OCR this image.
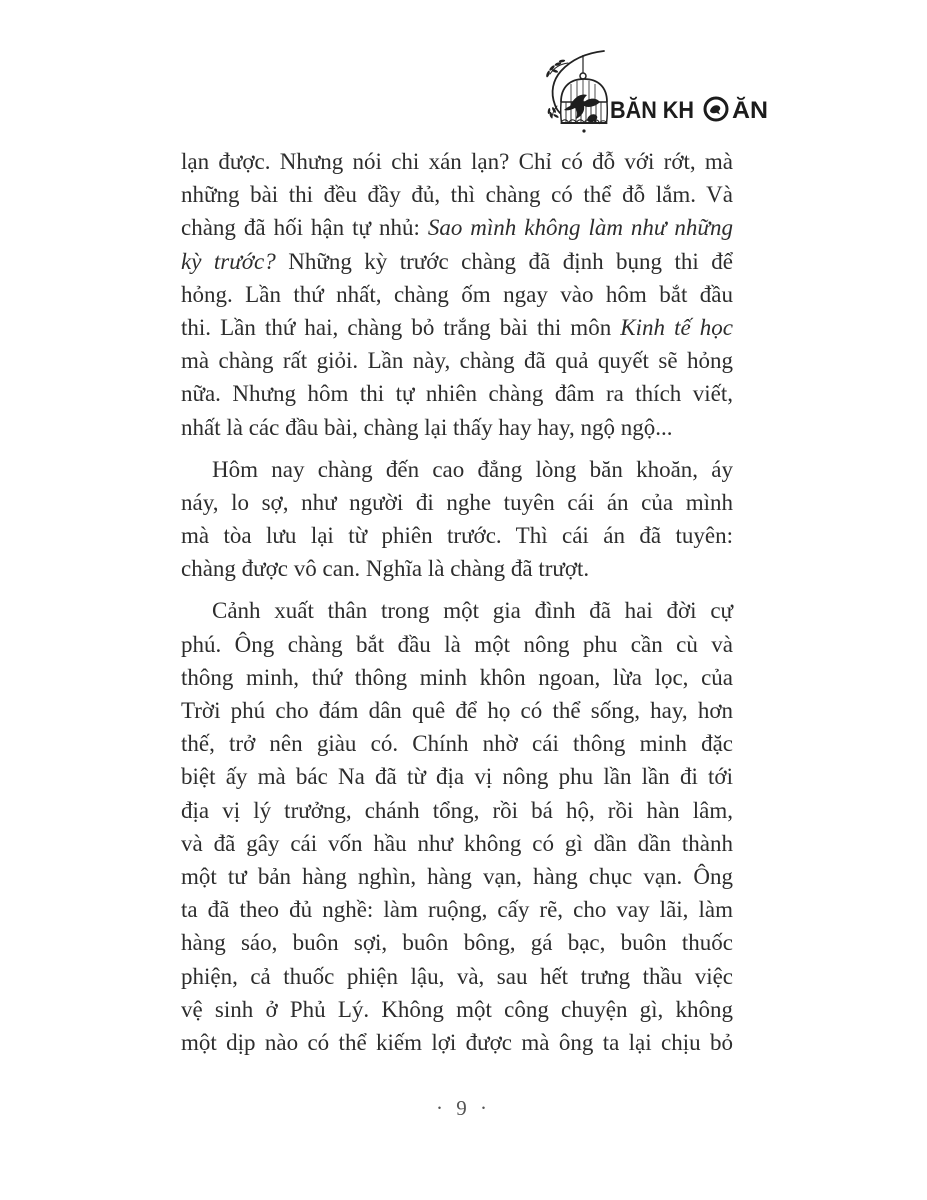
BĂN KH ĂN
lạn được. Nhưng nói chi xán lạn? Chỉ có đỗ với rớt, mà
những bài thi đều đầy đủ, thì chàng có thể đỗ lắm. Và
chàng đã hối hận tự nhủ: Sao mình không làm như những
kỳ trước? Những kỳ trước chàng đã định bụng thi để
hỏng. Lần thứ nhất, chàng ốm ngay vào hôm bắt đầu
thi. Lần thứ hai, chàng bỏ trắng bài thi môn Kinh tế học
mà chàng rất giỏi. Lần này, chàng đã quả quyết sẽ hỏng
nữa. Nhưng hôm thi tự nhiên chàng đâm ra thích viết,
nhất là các đầu bài, chàng lại thấy hay hay, ngộ ngộ...
Hôm nay chàng đến cao đẳng lòng băn khoăn, áy
náy, lo sợ, như người đi nghe tuyên cái án của mình
mà tòa lưu lại từ phiên trước. Thì cái án đã tuyên:
chàng được vô can. Nghĩa là chàng đã trượt.
Cảnh xuất thân trong một gia đình đã hai đời cự
phú. Ông chàng bắt đầu là một nông phu cần cù và
thông minh, thứ thông minh khôn ngoan, lừa lọc, của
Trời phú cho đám dân quê để họ có thể sống, hay, hơn
thế, trở nên giàu có. Chính nhờ cái thông minh đặc
biệt ấy mà bác Na đã từ địa vị nông phu lần lần đi tới
địa vị lý trưởng, chánh tổng, rồi bá hộ, rồi hàn lâm,
và đã gây cái vốn hầu như không có gì dần dần thành
một tư bản hàng nghìn, hàng vạn, hàng chục vạn. Ông
ta đã theo đủ nghề: làm ruộng, cấy rẽ, cho vay lãi, làm
hàng sáo, buôn sợi, buôn bông, gá bạc, buôn thuốc
phiện, cả thuốc phiện lậu, và, sau hết trưng thầu việc
vệ sinh ở Phủ Lý. Không một công chuyện gì, không
một dịp nào có thể kiếm lợi được mà ông ta lại chịu bỏ
· 9 ·
